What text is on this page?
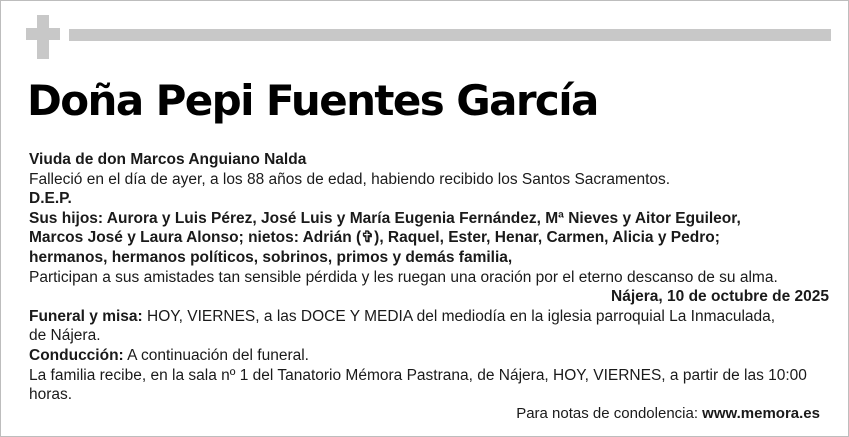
Doña Pepi Fuentes García
Viuda de don Marcos Anguiano Nalda
Falleció en el día de ayer, a los 88 años de edad, habiendo recibido los Santos Sacramentos.
D.E.P.
Sus hijos: Aurora y Luis Pérez, José Luis y María Eugenia Fernández, Mª Nieves y Aitor Eguileor,
Marcos José y Laura Alonso; nietos: Adrián (✞), Raquel, Ester, Henar, Carmen, Alicia y Pedro;
hermanos, hermanos políticos, sobrinos, primos y demás familia,
Participan a sus amistades tan sensible pérdida y les ruegan una oración por el eterno descanso de su alma.
Nájera, 10 de octubre de 2025
Funeral y misa: HOY, VIERNES, a las DOCE Y MEDIA del mediodía en la iglesia parroquial La Inmaculada,
de Nájera.
Conducción: A continuación del funeral.
La familia recibe, en la sala nº 1 del Tanatorio Mémora Pastrana, de Nájera, HOY, VIERNES, a partir de las 10:00
horas.
Para notas de condolencia: www.memora.es
